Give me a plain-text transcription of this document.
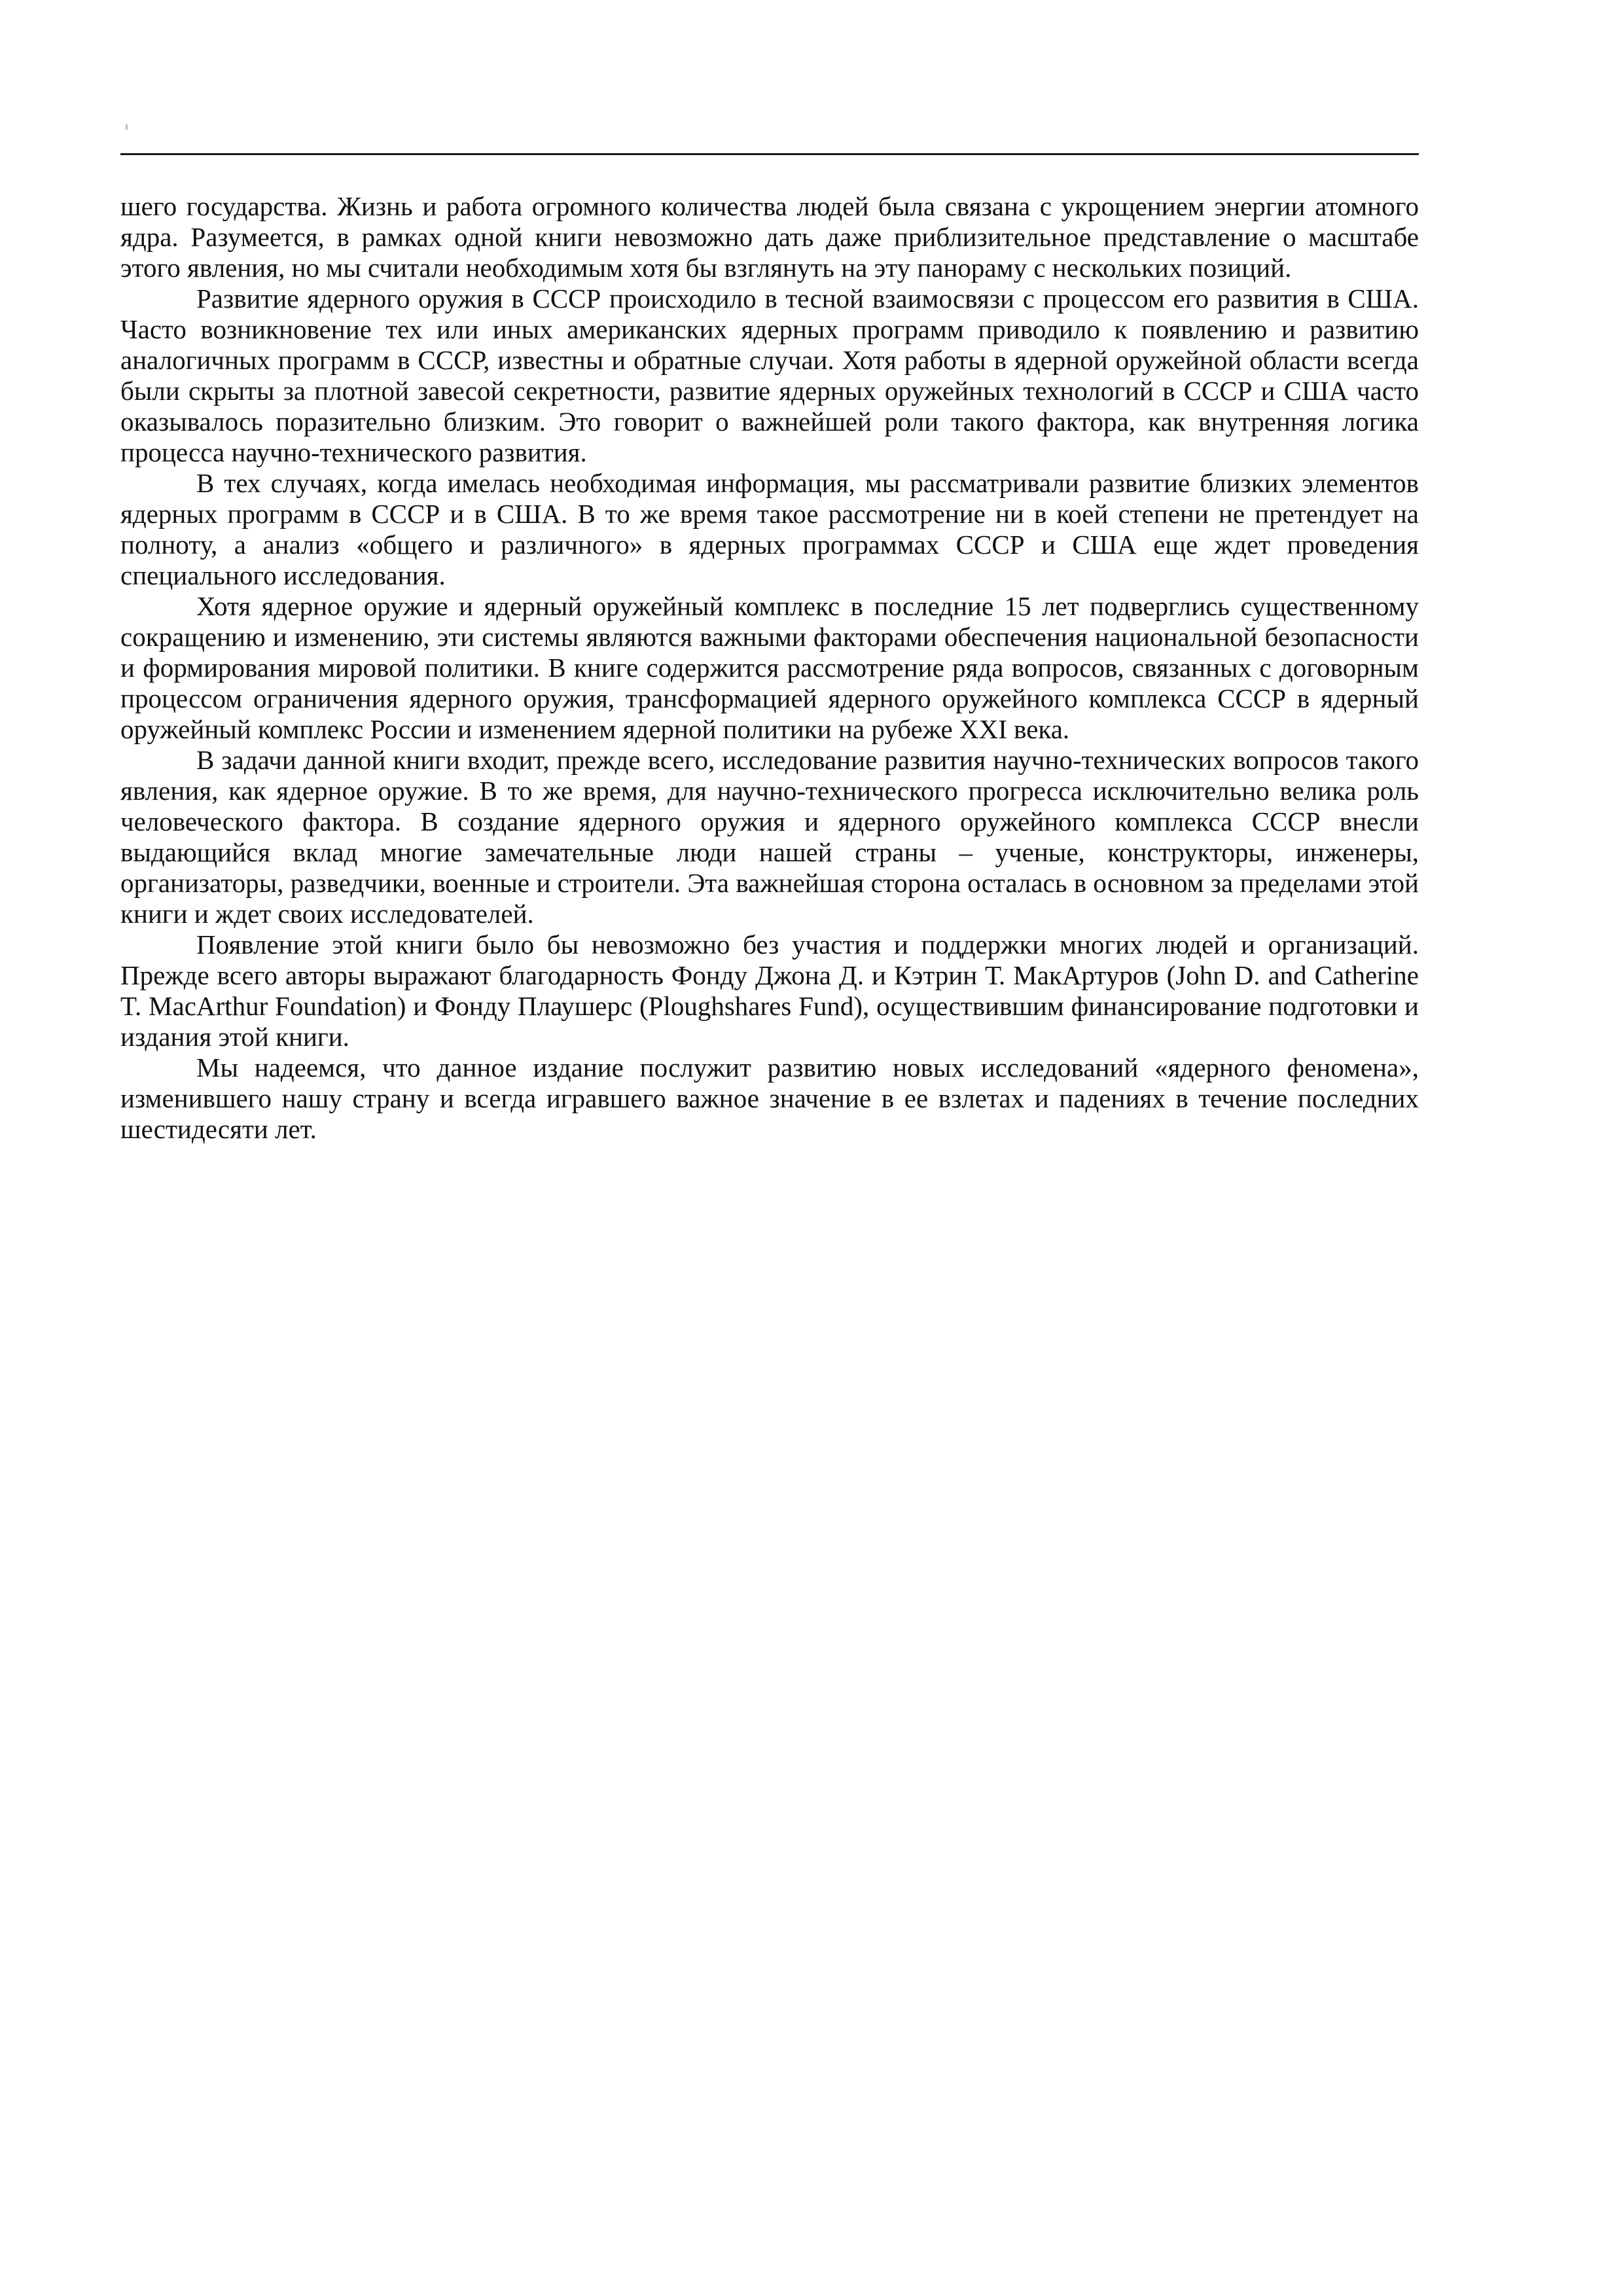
шего государства. Жизнь и работа огромного количества людей была связана с укрощением энергии атомного ядра. Разумеется, в рамках одной книги невозможно дать даже приблизительное представление о масштабе этого явления, но мы считали необходимым хотя бы взглянуть на эту панораму с нескольких позиций.

Развитие ядерного оружия в СССР происходило в тесной взаимосвязи с процессом его развития в США. Часто возникновение тех или иных американских ядерных программ приводило к появлению и развитию аналогичных программ в СССР, известны и обратные случаи. Хотя работы в ядерной оружейной области всегда были скрыты за плотной завесой секретности, развитие ядерных оружейных технологий в СССР и США часто оказывалось поразительно близким. Это говорит о важнейшей роли такого фактора, как внутренняя логика процесса научно-технического развития.

В тех случаях, когда имелась необходимая информация, мы рассматривали развитие близких элементов ядерных программ в СССР и в США. В то же время такое рассмотрение ни в коей степени не претендует на полноту, а анализ «общего и различного» в ядерных программах СССР и США еще ждет проведения специального исследования.

Хотя ядерное оружие и ядерный оружейный комплекс в последние 15 лет подверглись существенному сокращению и изменению, эти системы являются важными факторами обеспечения национальной безопасности и формирования мировой политики. В книге содержится рассмотрение ряда вопросов, связанных с договорным процессом ограничения ядерного оружия, трансформацией ядерного оружейного комплекса СССР в ядерный оружейный комплекс России и изменением ядерной политики на рубеже XXI века.

В задачи данной книги входит, прежде всего, исследование развития научно-технических вопросов такого явления, как ядерное оружие. В то же время, для научно-технического прогресса исключительно велика роль человеческого фактора. В создание ядерного оружия и ядерного оружейного комплекса СССР внесли выдающийся вклад многие замечательные люди нашей страны – ученые, конструкторы, инженеры, организаторы, разведчики, военные и строители. Эта важнейшая сторона осталась в основном за пределами этой книги и ждет своих исследователей.

Появление этой книги было бы невозможно без участия и поддержки многих людей и организаций. Прежде всего авторы выражают благодарность Фонду Джона Д. и Кэтрин Т. МакАртуров (John D. and Catherine T. MacArthur Foundation) и Фонду Плаушерс (Ploughshares Fund), осуществившим финансирование подготовки и издания этой книги.

Мы надеемся, что данное издание послужит развитию новых исследований «ядерного феномена», изменившего нашу страну и всегда игравшего важное значение в ее взлетах и падениях в течение последних шестидесяти лет.
